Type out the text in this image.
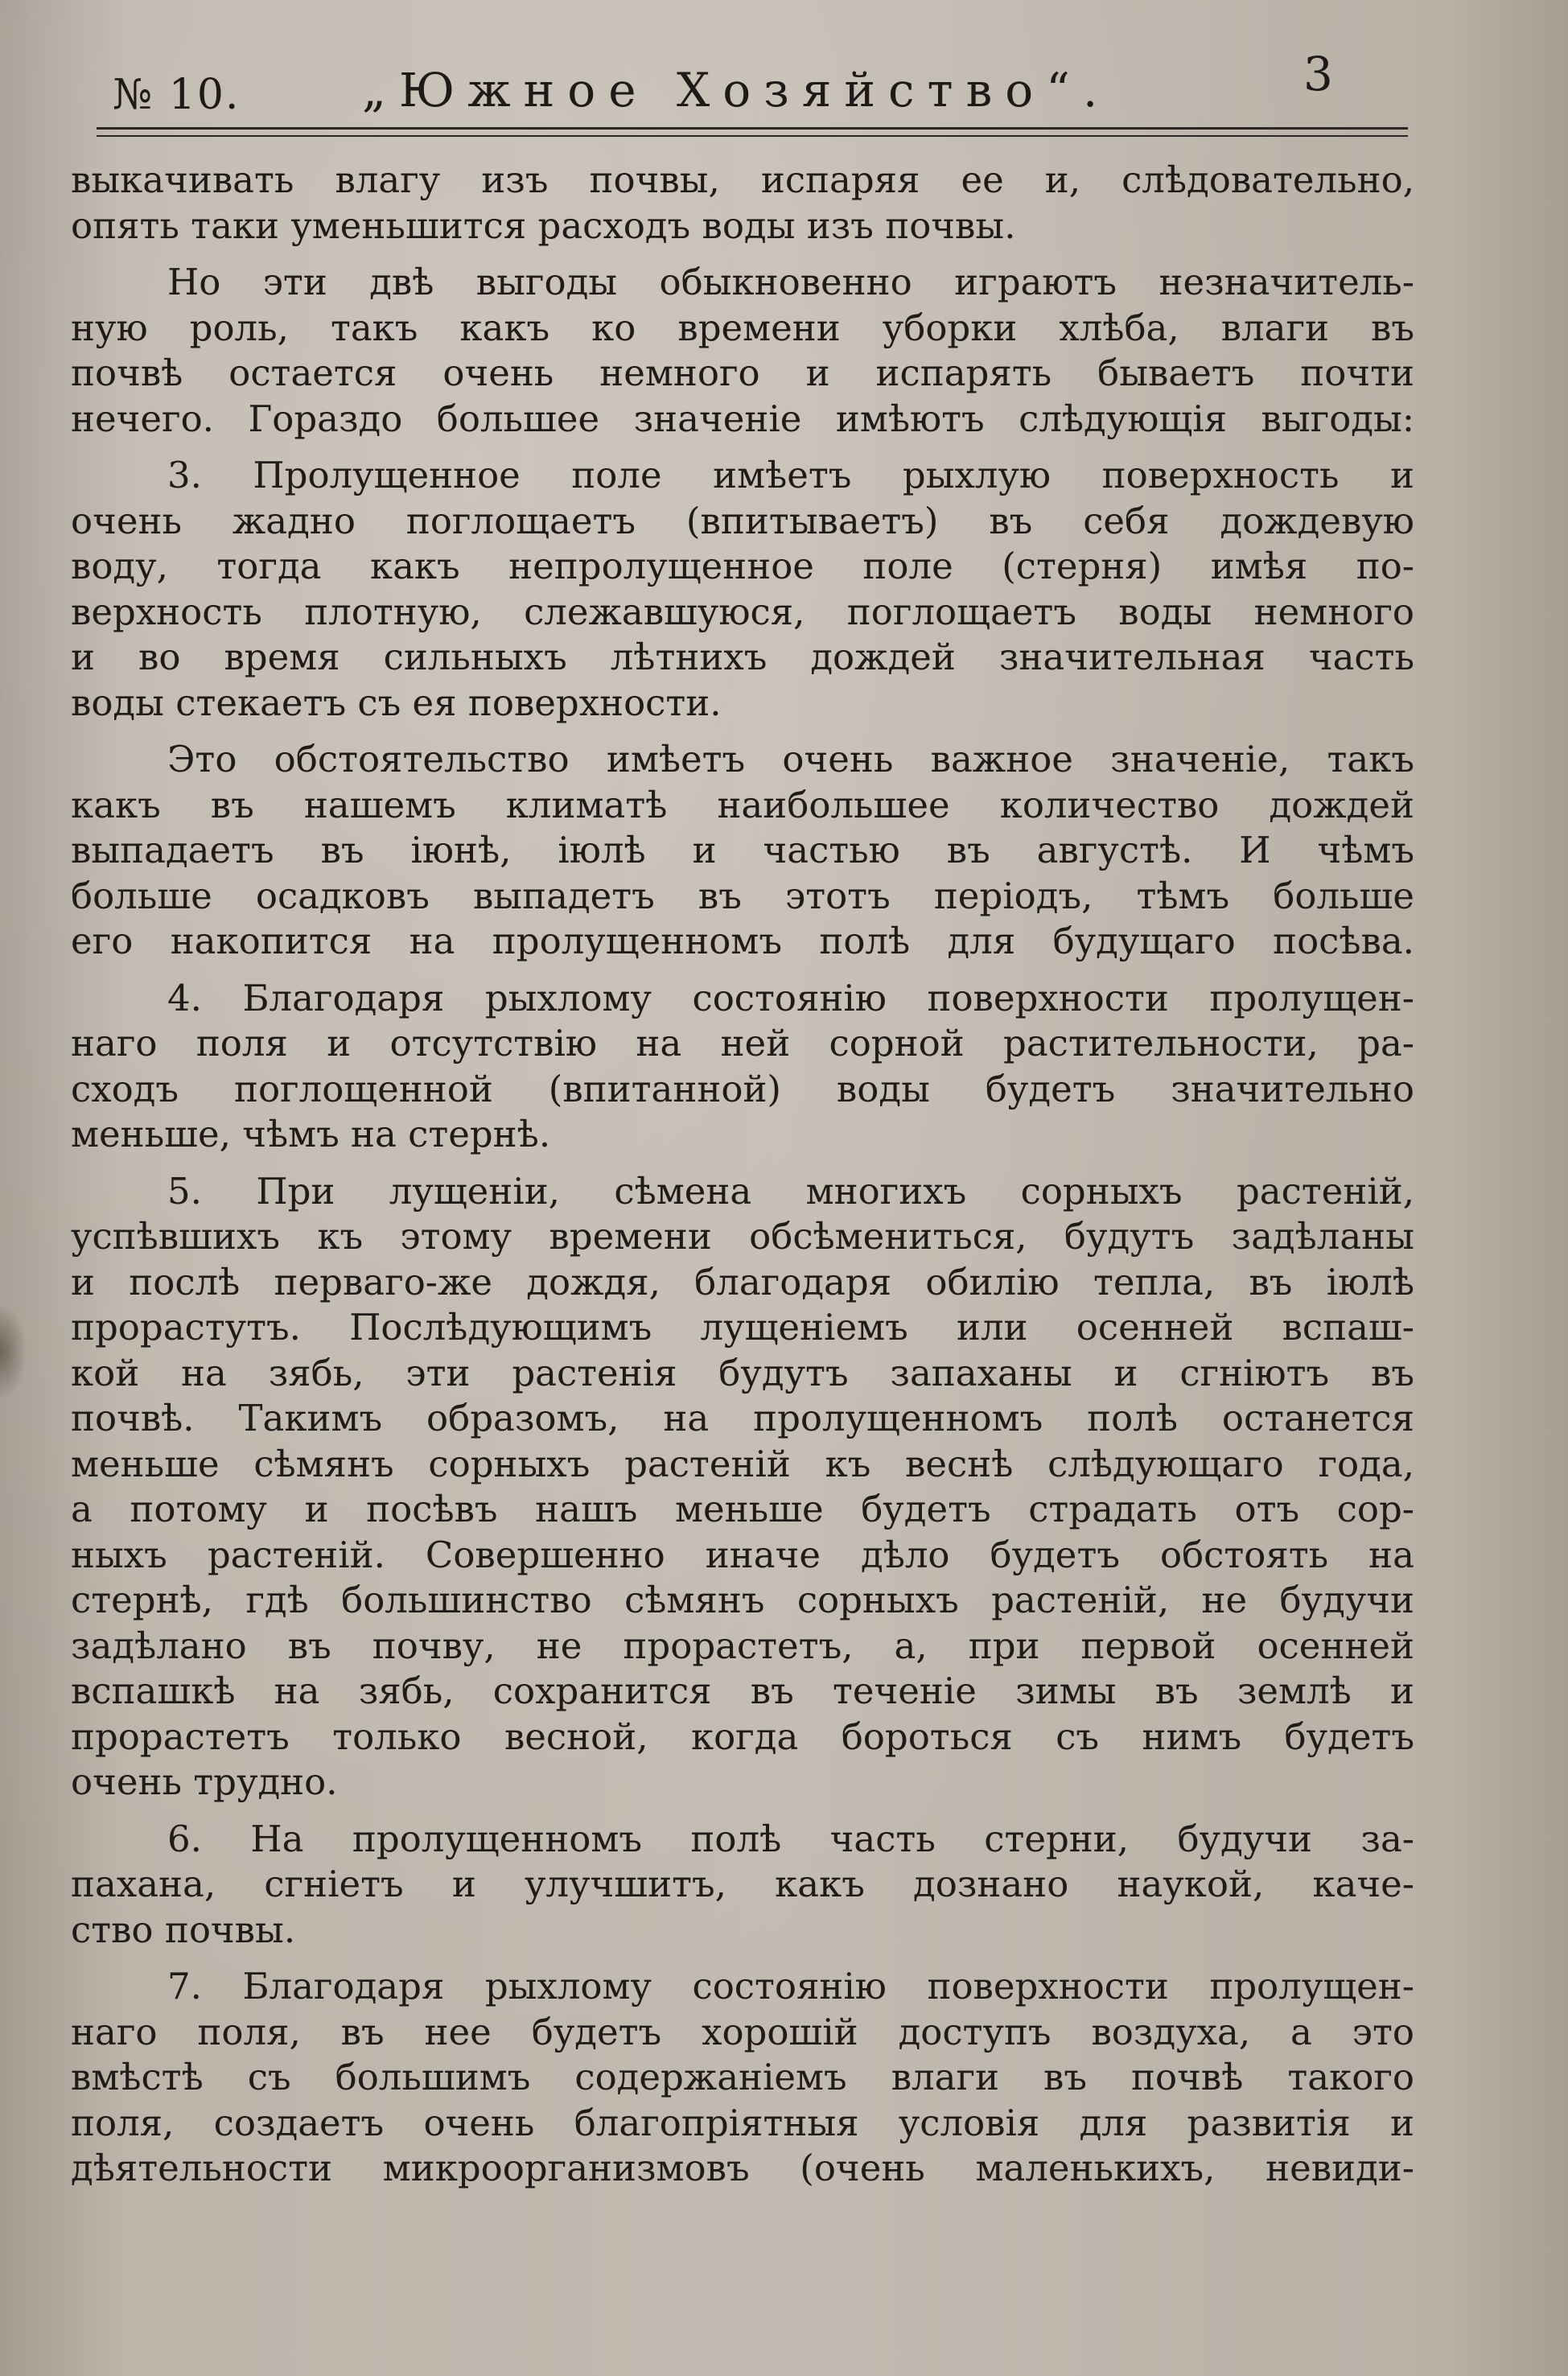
№ 10.	„Южное Хозяйство“.	3
выкачивать влагу изъ почвы, испаряя ее и, слѣдовательно,
опять таки уменьшится расходъ воды изъ почвы.
Но эти двѣ выгоды обыкновенно играютъ незначитель-
ную роль, такъ какъ ко времени уборки хлѣба, влаги въ
почвѣ остается очень немного и испарять бываетъ почти
нечего. Гораздо большее значеніе имѣютъ слѣдующія выгоды:
3. Пролущенное поле имѣетъ рыхлую поверхность и
очень жадно поглощаетъ (впитываетъ) въ себя дождевую
воду, тогда какъ непролущенное поле (стерня) имѣя по-
верхность плотную, слежавшуюся, поглощаетъ воды немного
и во время сильныхъ лѣтнихъ дождей значительная часть
воды стекаетъ съ ея поверхности.
Это обстоятельство имѣетъ очень важное значеніе, такъ
какъ въ нашемъ климатѣ наибольшее количество дождей
выпадаетъ въ іюнѣ, іюлѣ и частью въ августѣ. И чѣмъ
больше осадковъ выпадетъ въ этотъ періодъ, тѣмъ больше
его накопится на пролущенномъ полѣ для будущаго посѣва.
4. Благодаря рыхлому состоянію поверхности пролущен-
наго поля и отсутствію на ней сорной растительности, ра-
сходъ поглощенной (впитанной) воды будетъ значительно
меньше, чѣмъ на стернѣ.
5. При лущеніи, сѣмена многихъ сорныхъ растеній,
успѣвшихъ къ этому времени обсѣмениться, будутъ задѣланы
и послѣ перваго-же дождя, благодаря обилію тепла, въ іюлѣ
прорастутъ. Послѣдующимъ лущеніемъ или осенней вспаш-
кой на зябь, эти растенія будутъ запаханы и сгніютъ въ
почвѣ. Такимъ образомъ, на пролущенномъ полѣ останется
меньше сѣмянъ сорныхъ растеній къ веснѣ слѣдующаго года,
а потому и посѣвъ нашъ меньше будетъ страдать отъ сор-
ныхъ растеній. Совершенно иначе дѣло будетъ обстоять на
стернѣ, гдѣ большинство сѣмянъ сорныхъ растеній, не будучи
задѣлано въ почву, не прорастетъ, а, при первой осенней
вспашкѣ на зябь, сохранится въ теченіе зимы въ землѣ и
прорастетъ только весной, когда бороться съ нимъ будетъ
очень трудно.
6. На пролущенномъ полѣ часть стерни, будучи за-
пахана, сгніетъ и улучшитъ, какъ дознано наукой, каче-
ство почвы.
7. Благодаря рыхлому состоянію поверхности пролущен-
наго поля, въ нее будетъ хорошій доступъ воздуха, а это
вмѣстѣ съ большимъ содержаніемъ влаги въ почвѣ такого
поля, создаетъ очень благопріятныя условія для развитія и
дѣятельности микроорганизмовъ (очень маленькихъ, невиди-
